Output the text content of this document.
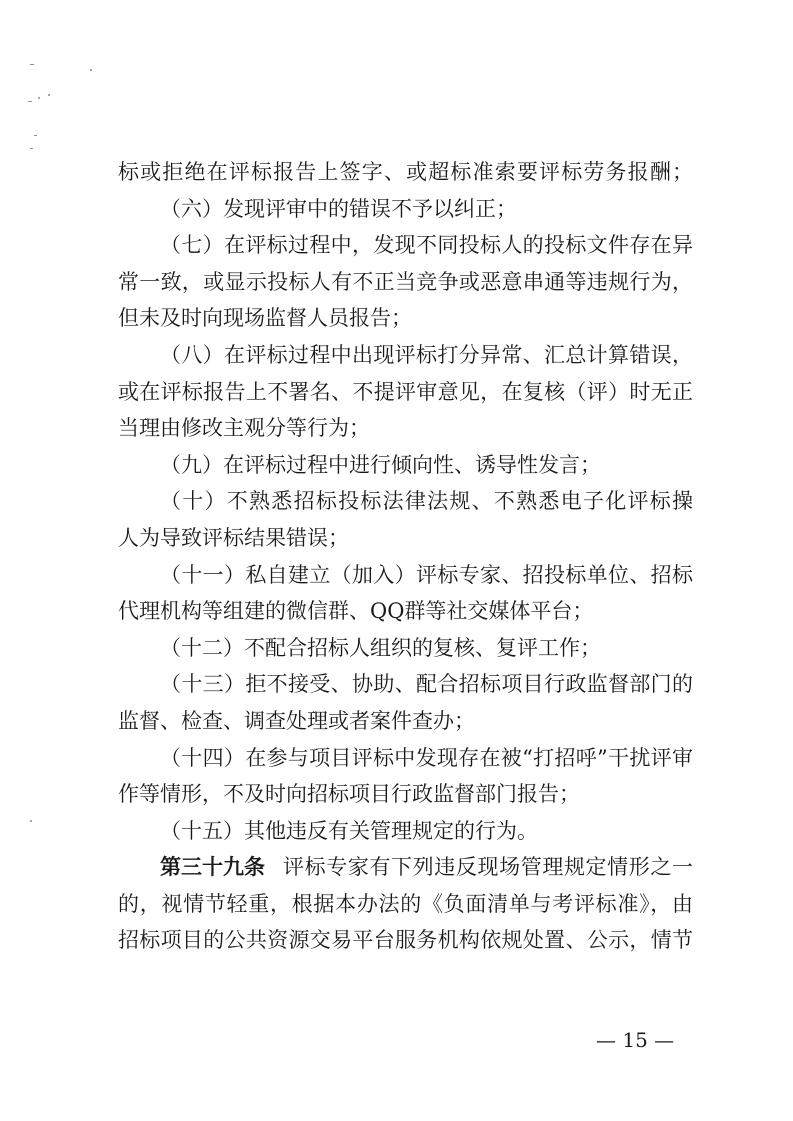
标或拒绝在评标报告上签字、或超标准索要评标劳务报酬；
（六）发现评审中的错误不予以纠正；
（七）在评标过程中，发现不同投标人的投标文件存在异
常一致，或显示投标人有不正当竞争或恶意串通等违规行为，
但未及时向现场监督人员报告；
（八）在评标过程中出现评标打分异常、汇总计算错误，
或在评标报告上不署名、不提评审意见，在复核（评）时无正
当理由修改主观分等行为；
（九）在评标过程中进行倾向性、诱导性发言；
（十）不熟悉招标投标法律法规、不熟悉电子化评标操
人为导致评标结果错误；
（十一）私自建立（加入）评标专家、招投标单位、招标
代理机构等组建的微信群、QQ群等社交媒体平台；
（十二）不配合招标人组织的复核、复评工作；
（十三）拒不接受、协助、配合招标项目行政监督部门的
监督、检查、调查处理或者案件查办；
（十四）在参与项目评标中发现存在被“打招呼”干扰评审
作等情形，不及时向招标项目行政监督部门报告；
（十五）其他违反有关管理规定的行为。
第三十九条 评标专家有下列违反现场管理规定情形之一
的，视情节轻重，根据本办法的《负面清单与考评标准》，由
招标项目的公共资源交易平台服务机构依规处置、公示，情节
— 15 —
